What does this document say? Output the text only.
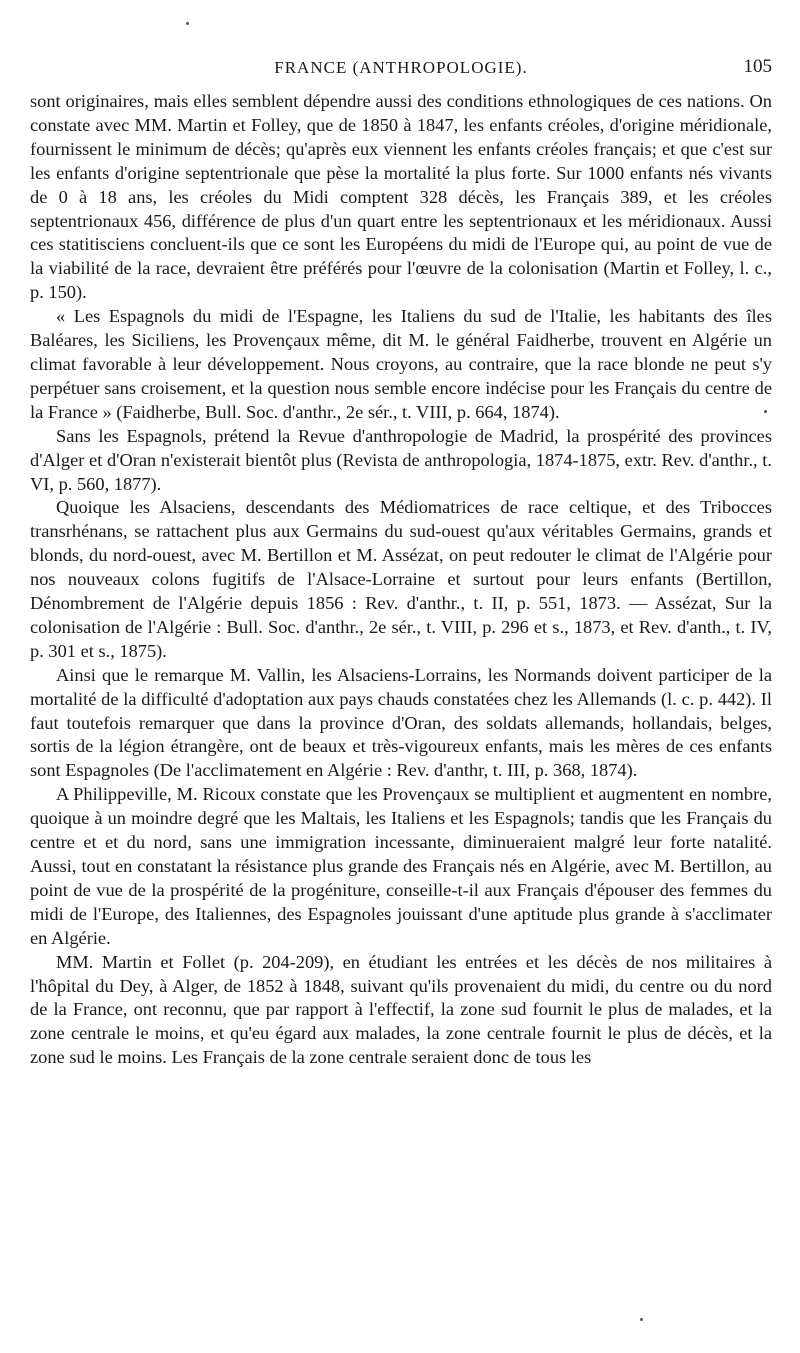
FRANCE (ANTHROPOLOGIE).	105

sont originaires, mais elles semblent dépendre aussi des conditions ethnologiques de ces nations. On constate avec MM. Martin et Folley, que de 1850 à 1847, les enfants créoles, d'origine méridionale, fournissent le minimum de décès; qu'après eux viennent les enfants créoles français; et que c'est sur les enfants d'origine septentrionale que pèse la mortalité la plus forte. Sur 1000 enfants nés vivants de 0 à 18 ans, les créoles du Midi comptent 328 décès, les Français 389, et les créoles septentrionaux 456, différence de plus d'un quart entre les septentrionaux et les méridionaux. Aussi ces statitisciens concluent-ils que ce sont les Européens du midi de l'Europe qui, au point de vue de la viabilité de la race, devraient être préférés pour l'œuvre de la colonisation (Martin et Folley, l. c., p. 150).

« Les Espagnols du midi de l'Espagne, les Italiens du sud de l'Italie, les habitants des îles Baléares, les Siciliens, les Provençaux même, dit M. le général Faidherbe, trouvent en Algérie un climat favorable à leur développement. Nous croyons, au contraire, que la race blonde ne peut s'y perpétuer sans croisement, et la question nous semble encore indécise pour les Français du centre de la France » (Faidherbe, Bull. Soc. d'anthr., 2e sér., t. VIII, p. 664, 1874).

Sans les Espagnols, prétend la Revue d'anthropologie de Madrid, la prospérité des provinces d'Alger et d'Oran n'existerait bientôt plus (Revista de anthropologia, 1874-1875, extr. Rev. d'anthr., t. VI, p. 560, 1877).

Quoique les Alsaciens, descendants des Médiomatrices de race celtique, et des Tribocces transrhénans, se rattachent plus aux Germains du sud-ouest qu'aux véritables Germains, grands et blonds, du nord-ouest, avec M. Bertillon et M. Assézat, on peut redouter le climat de l'Algérie pour nos nouveaux colons fugitifs de l'Alsace-Lorraine et surtout pour leurs enfants (Bertillon, Dénombrement de l'Algérie depuis 1856 : Rev. d'anthr., t. II, p. 551, 1873. — Assézat, Sur la colonisation de l'Algérie : Bull. Soc. d'anthr., 2e sér., t. VIII, p. 296 et s., 1873, et Rev. d'anth., t. IV, p. 301 et s., 1875).

Ainsi que le remarque M. Vallin, les Alsaciens-Lorrains, les Normands doivent participer de la mortalité de la difficulté d'adoptation aux pays chauds constatées chez les Allemands (l. c. p. 442). Il faut toutefois remarquer que dans la province d'Oran, des soldats allemands, hollandais, belges, sortis de la légion étrangère, ont de beaux et très-vigoureux enfants, mais les mères de ces enfants sont Espagnoles (De l'acclimatement en Algérie : Rev. d'anthr, t. III, p. 368, 1874).

A Philippeville, M. Ricoux constate que les Provençaux se multiplient et augmentent en nombre, quoique à un moindre degré que les Maltais, les Italiens et les Espagnols; tandis que les Français du centre et et du nord, sans une immigration incessante, diminueraient malgré leur forte natalité. Aussi, tout en constatant la résistance plus grande des Français nés en Algérie, avec M. Bertillon, au point de vue de la prospérité de la progéniture, conseille-t-il aux Français d'épouser des femmes du midi de l'Europe, des Italiennes, des Espagnoles jouissant d'une aptitude plus grande à s'acclimater en Algérie.

MM. Martin et Follet (p. 204-209), en étudiant les entrées et les décès de nos militaires à l'hôpital du Dey, à Alger, de 1852 à 1848, suivant qu'ils provenaient du midi, du centre ou du nord de la France, ont reconnu, que par rapport à l'effectif, la zone sud fournit le plus de malades, et la zone centrale le moins, et qu'eu égard aux malades, la zone centrale fournit le plus de décès, et la zone sud le moins. Les Français de la zone centrale seraient donc de tous les
